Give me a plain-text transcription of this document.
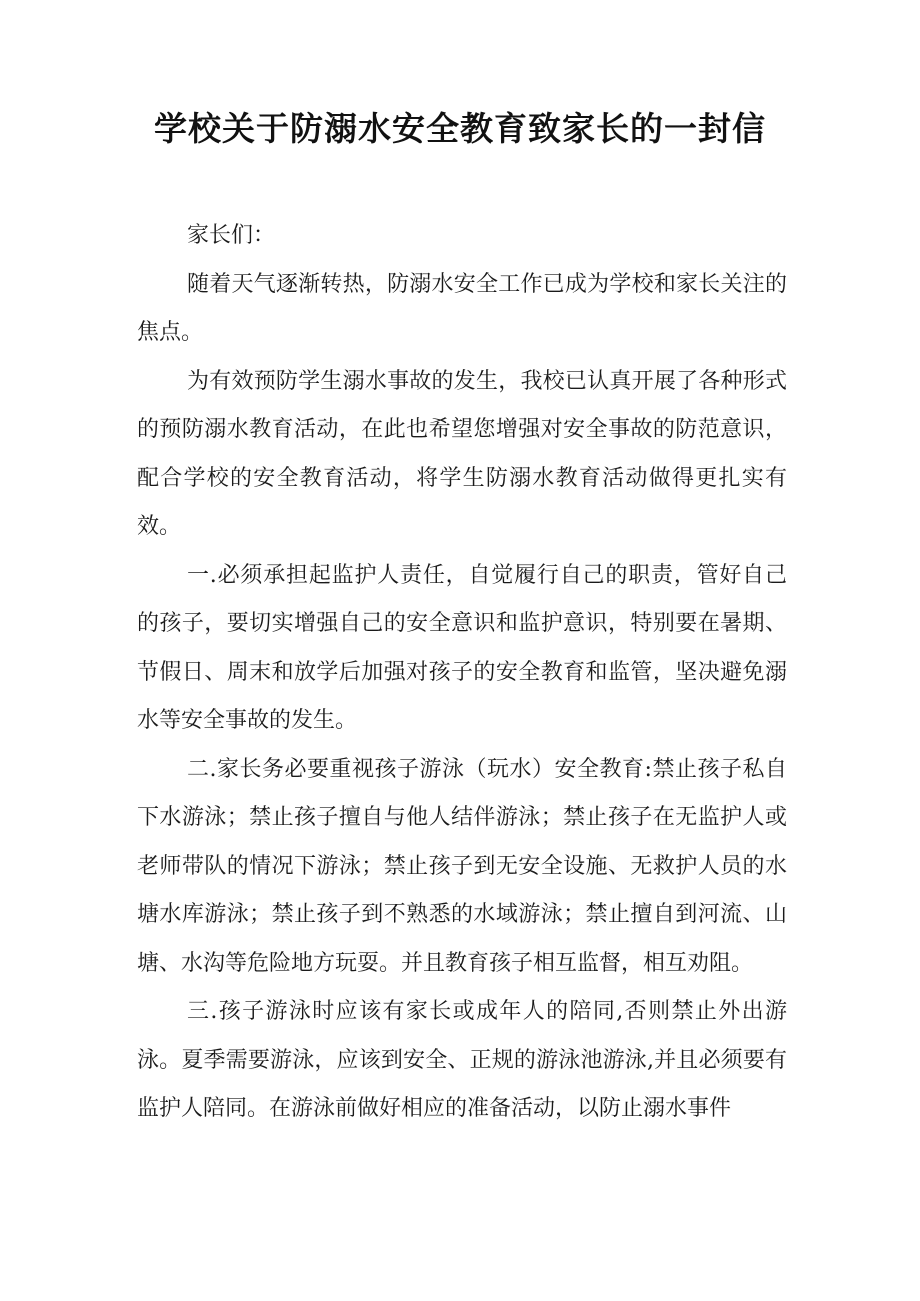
学校关于防溺水安全教育致家长的一封信

家长们：

随着天气逐渐转热，防溺水安全工作已成为学校和家长关注的焦点。

为有效预防学生溺水事故的发生，我校已认真开展了各种形式的预防溺水教育活动，在此也希望您增强对安全事故的防范意识，配合学校的安全教育活动，将学生防溺水教育活动做得更扎实有效。

一.必须承担起监护人责任，自觉履行自己的职责，管好自己的孩子，要切实增强自己的安全意识和监护意识，特别要在暑期、节假日、周末和放学后加强对孩子的安全教育和监管，坚决避免溺水等安全事故的发生。

二.家长务必要重视孩子游泳（玩水）安全教育:禁止孩子私自下水游泳；禁止孩子擅自与他人结伴游泳；禁止孩子在无监护人或老师带队的情况下游泳；禁止孩子到无安全设施、无救护人员的水塘水库游泳；禁止孩子到不熟悉的水域游泳；禁止擅自到河流、山塘、水沟等危险地方玩耍。并且教育孩子相互监督，相互劝阻。

三.孩子游泳时应该有家长或成年人的陪同,否则禁止外出游泳。夏季需要游泳，应该到安全、正规的游泳池游泳,并且必须要有监护人陪同。在游泳前做好相应的准备活动，以防止溺水事件
